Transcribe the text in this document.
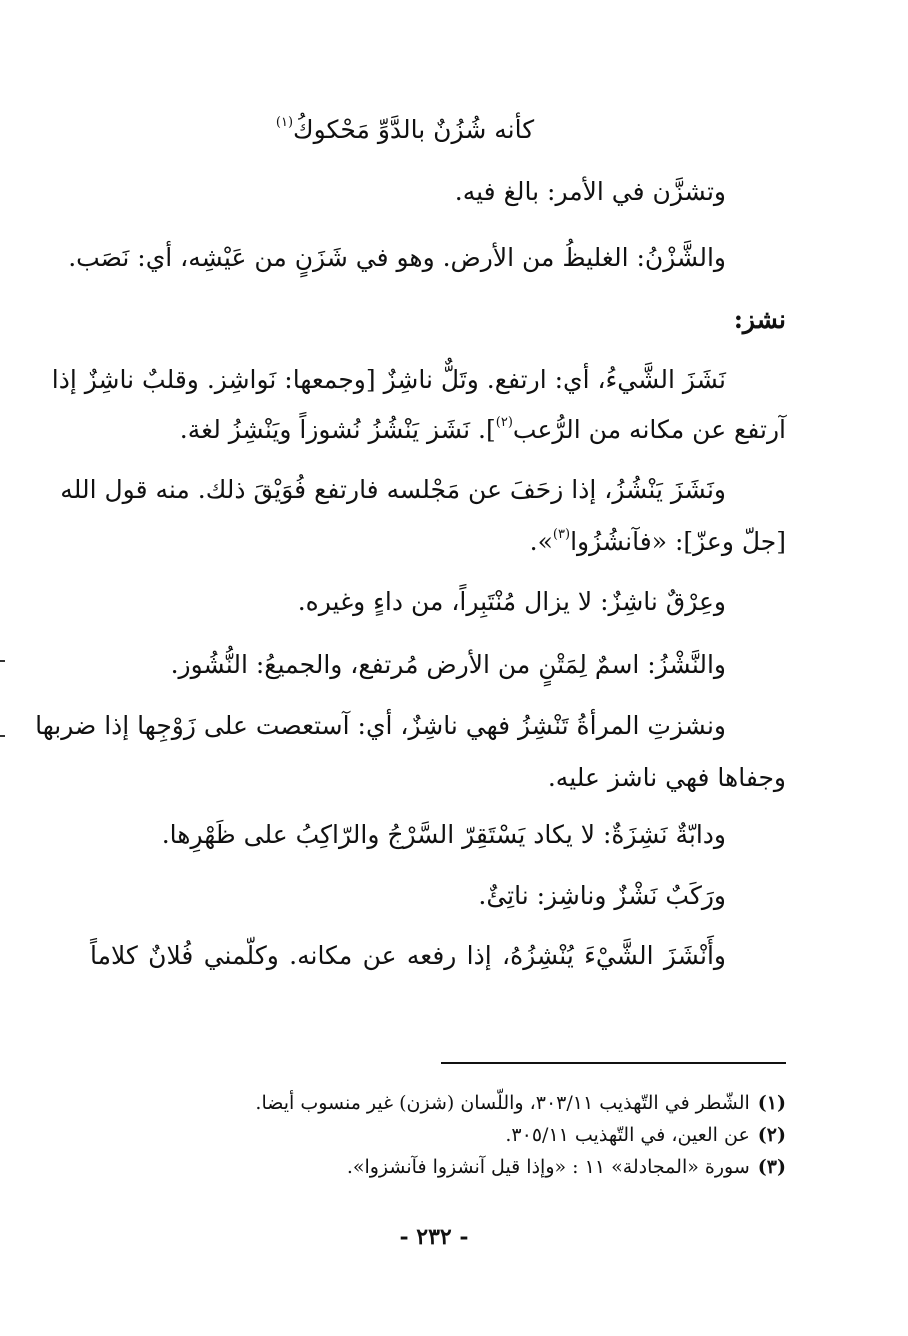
كأنه شُزُنٌ بالدَّوِّ مَحْكوكُ$^{(١)}$
وتشزَّن في الأمر: بالغ فيه.
والشَّزْنُ: الغليظُ من الأرض. وهو في شَزَنٍ من عَيْشِه، أي: نَصَب.
نشز:
نَشَزَ الشَّيءُ، أي: ارتفع. وتَلٌّ ناشِزٌ [وجمعها: نَواشِز. وقلبٌ ناشِزٌ إذا
آرتفع عن مكانه من الرُّعب$^{(٢)}$]. نَشَز يَنْشُزُ نُشوزاً ويَنْشِزُ لغة.
ونَشَزَ يَنْشُزُ، إذا زحَفَ عن مَجْلسه فارتفع فُوَيْقَ ذلك. منه قول الله
[جلّ وعزّ]: «فآنشُزُوا$^{(٣)}$».
وعِرْقٌ ناشِزٌ: لا يزال مُنْتَبِراً، من داءٍ وغيره.
والنَّشْزُ: اسمٌ لِمَتْنٍ من الأرض مُرتفع، والجميعُ: النُّشُوز.
ونشزتِ المرأةُ تَنْشِزُ فهي ناشِزٌ، أي: آستعصت على زَوْجِها إذا ضربها
وجفاها فهي ناشز عليه.
ودابّةٌ نَشِزَةٌ: لا يكاد يَسْتَقِرّ السَّرْجُ والرّاكِبُ على ظَهْرِها.
ورَكَبٌ نَشْزٌ وناشِز: ناتِئٌ.
وأَنْشَزَ الشَّيْءَ يُنْشِزُهُ، إذا رفعه عن مكانه. وكلّمني فُلانٌ كلاماً
(١)الشّطر في التّهذيب ٣٠٣/١١، واللّسان (شزن) غير منسوب أيضا.
(٢)عن العين، في التّهذيب ٣٠٥/١١.
(٣)سورة «المجادلة» ١١ : «وإذا قيل آنشزوا فآنشزوا».
- ٢٣٢ -
